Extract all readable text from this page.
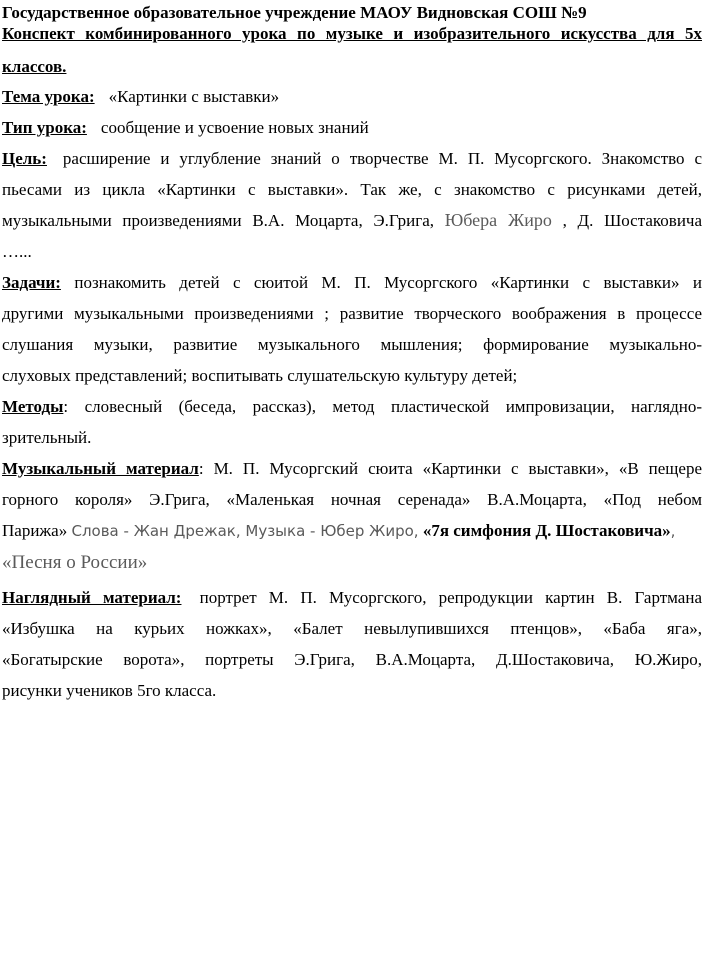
Государственное образовательное учреждение МАОУ Видновская СОШ №9
Конспект комбинированного урока по музыке и изобразительного искусства для 5х
классов.

Тема урока: «Картинки с выставки»

Тип урока: сообщение и усвоение новых знаний

Цель: расширение и углубление знаний о творчестве М. П. Мусоргского. Знакомство с
пьесами из цикла «Картинки с выставки». Так же, с знакомство с рисунками детей,
музыкальными произведениями В.А. Моцарта, Э.Грига, Юбера Жиро , Д. Шостаковича
…...

Задачи: познакомить детей с сюитой М. П. Мусоргского «Картинки с выставки» и
другими музыкальными произведениями ; развитие творческого воображения в процессе
слушания музыки, развитие музыкального мышления; формирование музыкально-
слуховых представлений; воспитывать слушательскую культуру детей;

Методы: словесный (беседа, рассказ), метод пластической импровизации, наглядно-
зрительный.

Музыкальный материал: М. П. Мусоргский сюита «Картинки с выставки», «В пещере
горного короля» Э.Грига, «Маленькая ночная серенада» В.А.Моцарта, «Под небом
Парижа» Слова - Жан Дрежак, Музыка - Юбер Жиро, «7я симфония Д. Шостаковича»,
«Песня о России»

Наглядный материал: портрет М. П. Мусоргского, репродукции картин В. Гартмана
«Избушка на курьих ножках», «Балет невылупившихся птенцов», «Баба яга»,
«Богатырские ворота», портреты Э.Грига, В.А.Моцарта, Д.Шостаковича, Ю.Жиро,
рисунки учеников 5го класса.
